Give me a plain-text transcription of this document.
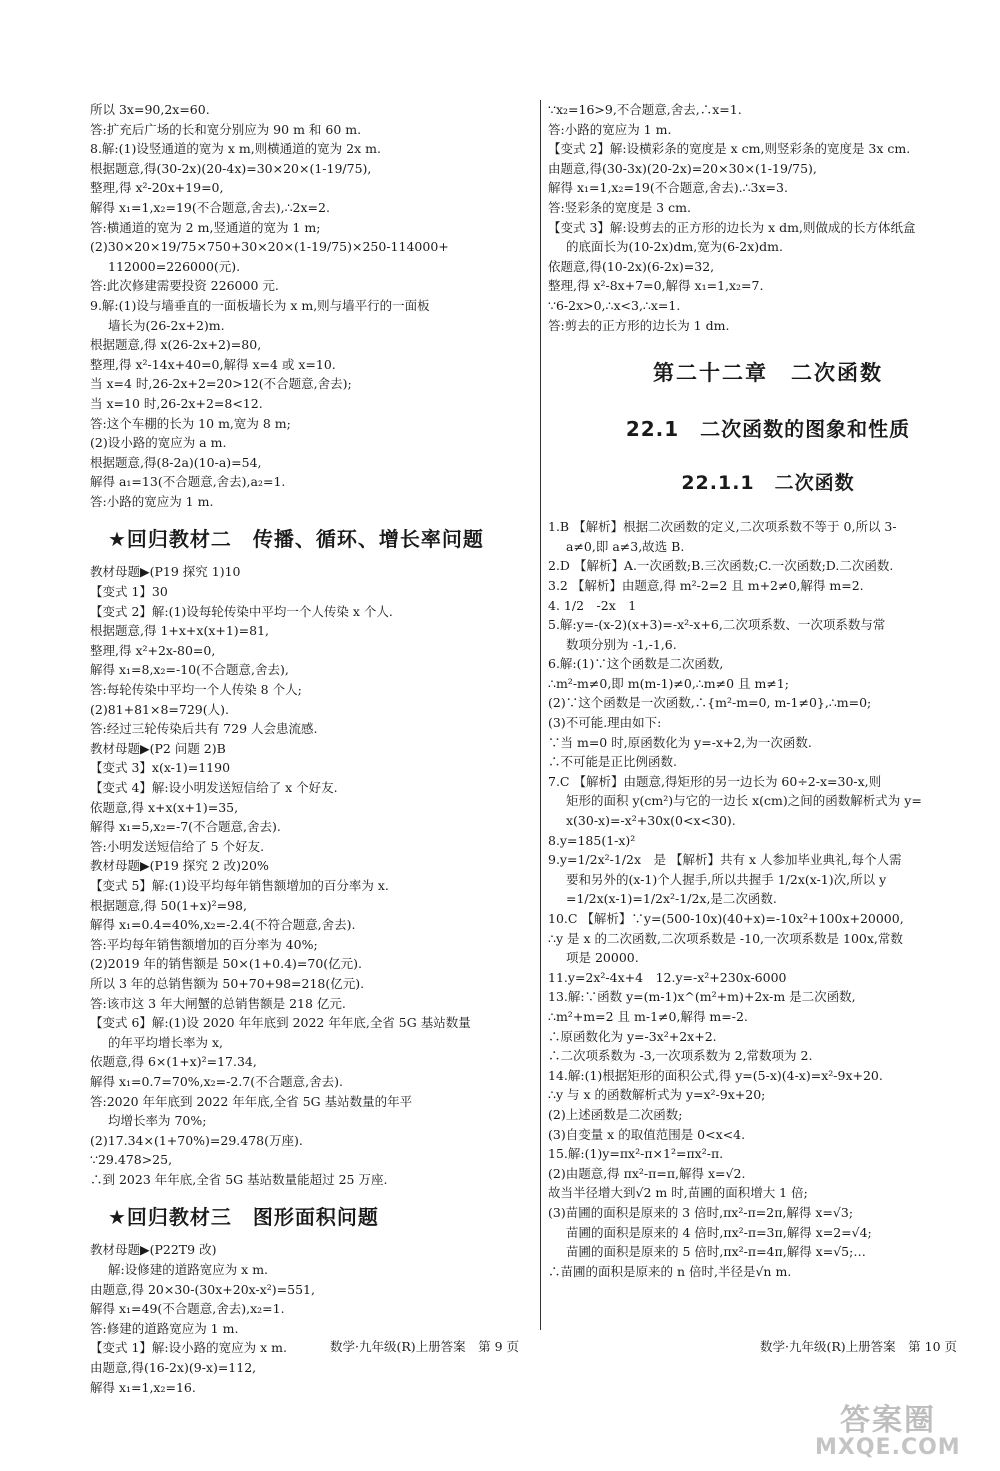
所以 3x=90,2x=60.
答:扩充后广场的长和宽分别应为 90 m 和 60 m.
8.解:(1)设竖通道的宽为 x m,则横通道的宽为 2x m.
根据题意,得(30-2x)(20-4x)=30×20×(1-19/75),
整理,得 x²-20x+19=0,
解得 x₁=1,x₂=19(不合题意,舍去),∴2x=2.
答:横通道的宽为 2 m,竖通道的宽为 1 m;
(2)30×20×19/75×750+30×20×(1-19/75)×250-114000+
112000=226000(元).
答:此次修建需要投资 226000 元.
9.解:(1)设与墙垂直的一面板墙长为 x m,则与墙平行的一面板
墙长为(26-2x+2)m.
根据题意,得 x(26-2x+2)=80,
整理,得 x²-14x+40=0,解得 x=4 或 x=10.
当 x=4 时,26-2x+2=20>12(不合题意,舍去);
当 x=10 时,26-2x+2=8<12.
答:这个车棚的长为 10 m,宽为 8 m;
(2)设小路的宽应为 a m.
根据题意,得(8-2a)(10-a)=54,
解得 a₁=13(不合题意,舍去),a₂=1.
答:小路的宽应为 1 m.
★回归教材二　传播、循环、增长率问题
教材母题▶(P19 探究 1)10
【变式 1】30
【变式 2】解:(1)设每轮传染中平均一个人传染 x 个人.
根据题意,得 1+x+x(x+1)=81,
整理,得 x²+2x-80=0,
解得 x₁=8,x₂=-10(不合题意,舍去),
答:每轮传染中平均一个人传染 8 个人;
(2)81+81×8=729(人).
答:经过三轮传染后共有 729 人会患流感.
教材母题▶(P2 问题 2)B
【变式 3】x(x-1)=1190
【变式 4】解:设小明发送短信给了 x 个好友.
依题意,得 x+x(x+1)=35,
解得 x₁=5,x₂=-7(不合题意,舍去).
答:小明发送短信给了 5 个好友.
教材母题▶(P19 探究 2 改)20%
【变式 5】解:(1)设平均每年销售额增加的百分率为 x.
根据题意,得 50(1+x)²=98,
解得 x₁=0.4=40%,x₂=-2.4(不符合题意,舍去).
答:平均每年销售额增加的百分率为 40%;
(2)2019 年的销售额是 50×(1+0.4)=70(亿元).
所以 3 年的总销售额为 50+70+98=218(亿元).
答:该市这 3 年大闸蟹的总销售额是 218 亿元.
【变式 6】解:(1)设 2020 年年底到 2022 年年底,全省 5G 基站数量
的年平均增长率为 x,
依题意,得 6×(1+x)²=17.34,
解得 x₁=0.7=70%,x₂=-2.7(不合题意,舍去).
答:2020 年年底到 2022 年年底,全省 5G 基站数量的年平
均增长率为 70%;
(2)17.34×(1+70%)=29.478(万座).
∵29.478>25,
∴到 2023 年年底,全省 5G 基站数量能超过 25 万座.
★回归教材三　图形面积问题
教材母题▶(P22T9 改)
解:设修建的道路宽应为 x m.
由题意,得 20×30-(30x+20x-x²)=551,
解得 x₁=49(不合题意,舍去),x₂=1.
答:修建的道路宽应为 1 m.
【变式 1】解:设小路的宽应为 x m.
由题意,得(16-2x)(9-x)=112,
解得 x₁=1,x₂=16.
∵x₂=16>9,不合题意,舍去,∴x=1.
答:小路的宽应为 1 m.
【变式 2】解:设横彩条的宽度是 x cm,则竖彩条的宽度是 3x cm.
由题意,得(30-3x)(20-2x)=20×30×(1-19/75),
解得 x₁=1,x₂=19(不合题意,舍去).∴3x=3.
答:竖彩条的宽度是 3 cm.
【变式 3】解:设剪去的正方形的边长为 x dm,则做成的长方体纸盒
的底面长为(10-2x)dm,宽为(6-2x)dm.
依题意,得(10-2x)(6-2x)=32,
整理,得 x²-8x+7=0,解得 x₁=1,x₂=7.
∵6-2x>0,∴x<3,∴x=1.
答:剪去的正方形的边长为 1 dm.
第二十二章　二次函数
22.1　二次函数的图象和性质
22.1.1　二次函数
1.B 【解析】根据二次函数的定义,二次项系数不等于 0,所以 3-
a≠0,即 a≠3,故选 B.
2.D 【解析】A.一次函数;B.三次函数;C.一次函数;D.二次函数.
3.2 【解析】由题意,得 m²-2=2 且 m+2≠0,解得 m=2.
4. 1/2　-2x　1
5.解:y=-(x-2)(x+3)=-x²-x+6,二次项系数、一次项系数与常
数项分别为 -1,-1,6.
6.解:(1)∵这个函数是二次函数,
∴m²-m≠0,即 m(m-1)≠0,∴m≠0 且 m≠1;
(2)∵这个函数是一次函数,∴{m²-m=0, m-1≠0},∴m=0;
(3)不可能.理由如下:
∵当 m=0 时,原函数化为 y=-x+2,为一次函数.
∴不可能是正比例函数.
7.C 【解析】由题意,得矩形的另一边长为 60÷2-x=30-x,则
矩形的面积 y(cm²)与它的一边长 x(cm)之间的函数解析式为 y=
x(30-x)=-x²+30x(0<x<30).
8.y=185(1-x)²
9.y=1/2x²-1/2x　是 【解析】共有 x 人参加毕业典礼,每个人需
要和另外的(x-1)个人握手,所以共握手 1/2x(x-1)次,所以 y
=1/2x(x-1)=1/2x²-1/2x,是二次函数.
10.C 【解析】∵y=(500-10x)(40+x)=-10x²+100x+20000,
∴y 是 x 的二次函数,二次项系数是 -10,一次项系数是 100x,常数
项是 20000.
11.y=2x²-4x+4　12.y=-x²+230x-6000
13.解:∵函数 y=(m-1)x^(m²+m)+2x-m 是二次函数,
∴m²+m=2 且 m-1≠0,解得 m=-2.
∴原函数化为 y=-3x²+2x+2.
∴二次项系数为 -3,一次项系数为 2,常数项为 2.
14.解:(1)根据矩形的面积公式,得 y=(5-x)(4-x)=x²-9x+20.
∴y 与 x 的函数解析式为 y=x²-9x+20;
(2)上述函数是二次函数;
(3)自变量 x 的取值范围是 0<x<4.
15.解:(1)y=πx²-π×1²=πx²-π.
(2)由题意,得 πx²-π=π,解得 x=√2.
故当半径增大到√2 m 时,苗圃的面积增大 1 倍;
(3)苗圃的面积是原来的 3 倍时,πx²-π=2π,解得 x=√3;
苗圃的面积是原来的 4 倍时,πx²-π=3π,解得 x=2=√4;
苗圃的面积是原来的 5 倍时,πx²-π=4π,解得 x=√5;…
∴苗圃的面积是原来的 n 倍时,半径是√n m.
数学·九年级(R)上册答案　第 9 页	数学·九年级(R)上册答案　第 10 页
答案圈
MXQE.COM
